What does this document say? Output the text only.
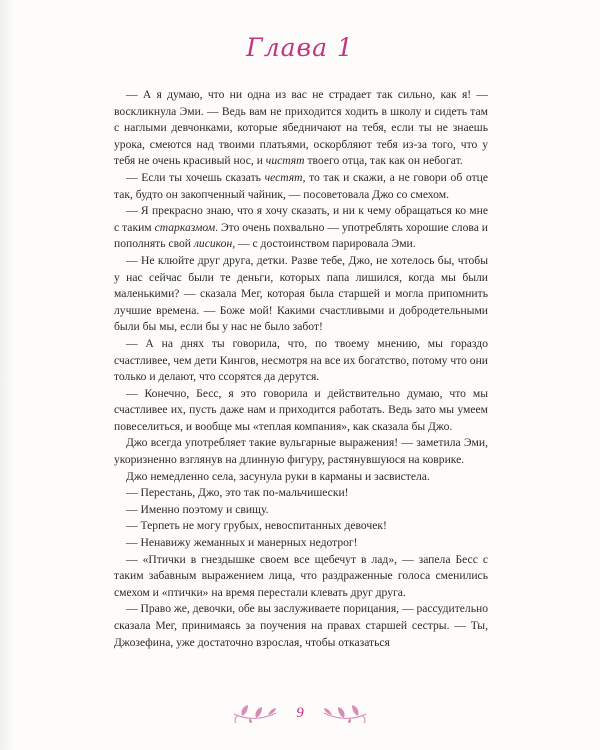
Глава 1

— А я думаю, что ни одна из вас не страдает так сильно, как я! — воскликнула Эми. — Ведь вам не приходится ходить в школу и сидеть там с наглыми девчонками, которые ябедничают на тебя, если ты не знаешь урока, смеются над твоими платьями, оскорбляют тебя из-за того, что у тебя не очень красивый нос, и чистят твоего отца, так как он небогат.

— Если ты хочешь сказать честят, то так и скажи, а не говори об отце так, будто он закопченный чайник, — посоветовала Джо со смехом.

— Я прекрасно знаю, что я хочу сказать, и ни к чему обращаться ко мне с таким старказмом. Это очень похвально — употреблять хорошие слова и пополнять свой лисикон, — с достоинством парировала Эми.

— Не клюйте друг друга, детки. Разве тебе, Джо, не хотелось бы, чтобы у нас сейчас были те деньги, которых папа лишился, когда мы были маленькими? — сказала Мег, которая была старшей и могла припомнить лучшие времена. — Боже мой! Какими счастливыми и добродетельными были бы мы, если бы у нас не было забот!

— А на днях ты говорила, что, по твоему мнению, мы гораздо счастливее, чем дети Кингов, несмотря на все их богатство, потому что они только и делают, что ссорятся да дерутся.

— Конечно, Бесс, я это говорила и действительно думаю, что мы счастливее их, пусть даже нам и приходится работать. Ведь зато мы умеем повеселиться, и вообще мы «теплая компания», как сказала бы Джо.

Джо всегда употребляет такие вульгарные выражения! — заметила Эми, укоризненно взглянув на длинную фигуру, растянувшуюся на коврике.

Джо немедленно села, засунула руки в карманы и засвистела.

— Перестань, Джо, это так по-мальчишески!

— Именно поэтому и свищу.

— Терпеть не могу грубых, невоспитанных девочек!

— Ненавижу жеманных и манерных недотрог!

— «Птички в гнездышке своем все щебечут в лад», — запела Бесс с таким забавным выражением лица, что раздраженные голоса сменились смехом и «птички» на время перестали клевать друг друга.

— Право же, девочки, обе вы заслуживаете порицания, — рассудительно сказала Мег, принимаясь за поучения на правах старшей сестры. — Ты, Джозефина, уже достаточно взрослая, чтобы отказаться

9
